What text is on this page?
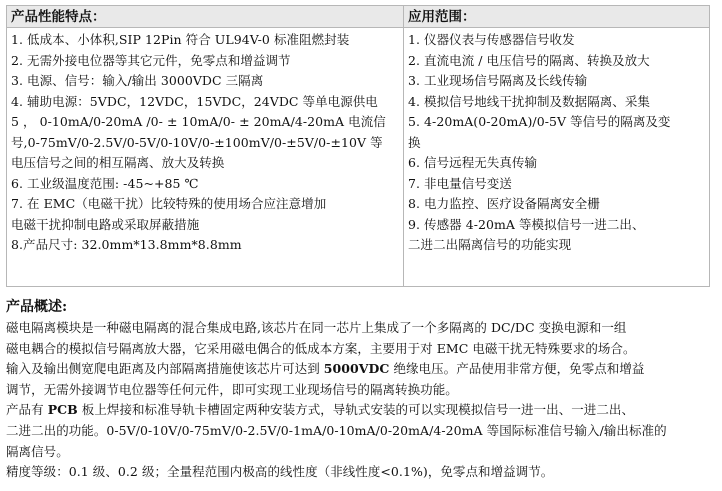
产品性能特点：
1. 低成本、小体积,SIP 12Pin 符合 UL94V-0 标准阻燃封装
2. 无需外接电位器等其它元件，免零点和增益调节
3. 电源、信号：输入/输出 3000VDC 三隔离
4. 辅助电源：5VDC，12VDC，15VDC，24VDC 等单电源供电
5 ， 0-10mA/0-20mA /0- ± 10mA/0- ± 20mA/4-20mA 电流信
号,0-75mV/0-2.5V/0-5V/0-10V/0-±100mV/0-±5V/0-±10V 等
电压信号之间的相互隔离、放大及转换
6. 工业级温度范围: -45~+85 ℃
7. 在 EMC（电磁干扰）比较特殊的使用场合应注意增加
电磁干扰抑制电路或采取屏蔽措施
8.产品尺寸: 32.0mm*13.8mm*8.8mm
应用范围：
1. 仪器仪表与传感器信号收发
2. 直流电流 / 电压信号的隔离、转换及放大
3. 工业现场信号隔离及长线传输
4. 模拟信号地线干扰抑制及数据隔离、采集
5. 4-20mA(0-20mA)/0-5V 等信号的隔离及变
换
6. 信号远程无失真传输
7. 非电量信号变送
8. 电力监控、医疗设备隔离安全栅
9. 传感器 4-20mA 等模拟信号一进二出、
二进二出隔离信号的功能实现
产品概述:
磁电隔离模块是一种磁电隔离的混合集成电路,该芯片在同一芯片上集成了一个多隔离的 DC/DC 变换电源和一组
磁电耦合的模拟信号隔离放大器，它采用磁电偶合的低成本方案，主要用于对 EMC 电磁干扰无特殊要求的场合。
输入及输出侧宽爬电距离及内部隔离措施使该芯片可达到 5000VDC 绝缘电压。产品使用非常方便，免零点和增益
调节，无需外接调节电位器等任何元件，即可实现工业现场信号的隔离转换功能。
产品有 PCB 板上焊接和标准导轨卡槽固定两种安装方式，导轨式安装的可以实现模拟信号一进一出、一进二出、
二进二出的功能。0-5V/0-10V/0-75mV/0-2.5V/0-1mA/0-10mA/0-20mA/4-20mA 等国际标准信号输入/输出标准的
隔离信号。
精度等级：0.1 级、0.2 级；全量程范围内极高的线性度（非线性度<0.1%)，免零点和增益调节。
